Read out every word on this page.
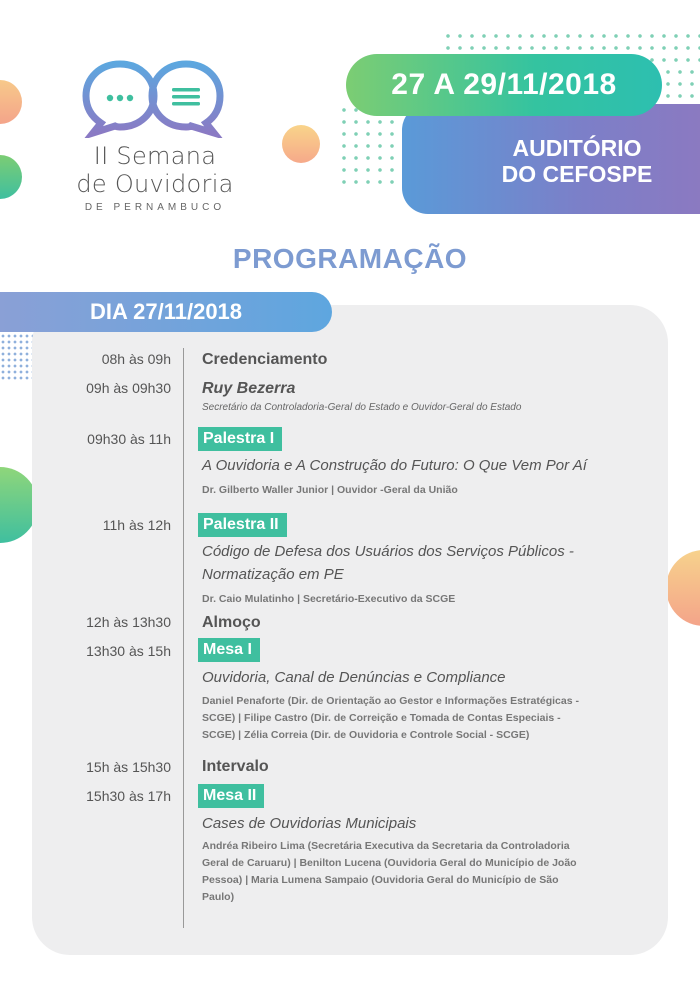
II Semana
de Ouvidoria
DE PERNAMBUCO
27 A 29/11/2018
AUDITÓRIO
DO CEFOSPE
PROGRAMAÇÃO
DIA 27/11/2018
08h às 09h Credenciamento
09h às 09h30 Ruy Bezerra
Secretário da Controladoria-Geral do Estado e Ouvidor-Geral do Estado
09h30 às 11h	Palestra I
A Ouvidoria e A Construção do Futuro: O Que Vem Por Aí
Dr. Gilberto Waller Junior | Ouvidor -Geral da União
11h às 12h	Palestra II
Código de Defesa dos Usuários dos Serviços Públicos -
Normatização em PE
Dr. Caio Mulatinho | Secretário-Executivo da SCGE
12h às 13h30 Almoço
13h30 às 15h	Mesa I
Ouvidoria, Canal de Denúncias e Compliance
Daniel Penaforte (Dir. de Orientação ao Gestor e Informações Estratégicas -
SCGE) | Filipe Castro (Dir. de Correição e Tomada de Contas Especiais -
SCGE) | Zélia Correia (Dir. de Ouvidoria e Controle Social - SCGE)
15h às 15h30 Intervalo
15h30 às 17h	Mesa II
Cases de Ouvidorias Municipais
Andréa Ribeiro Lima (Secretária Executiva da Secretaria da Controladoria
Geral de Caruaru) | Benilton Lucena (Ouvidoria Geral do Município de João
Pessoa) | Maria Lumena Sampaio (Ouvidoria Geral do Município de São
Paulo)
